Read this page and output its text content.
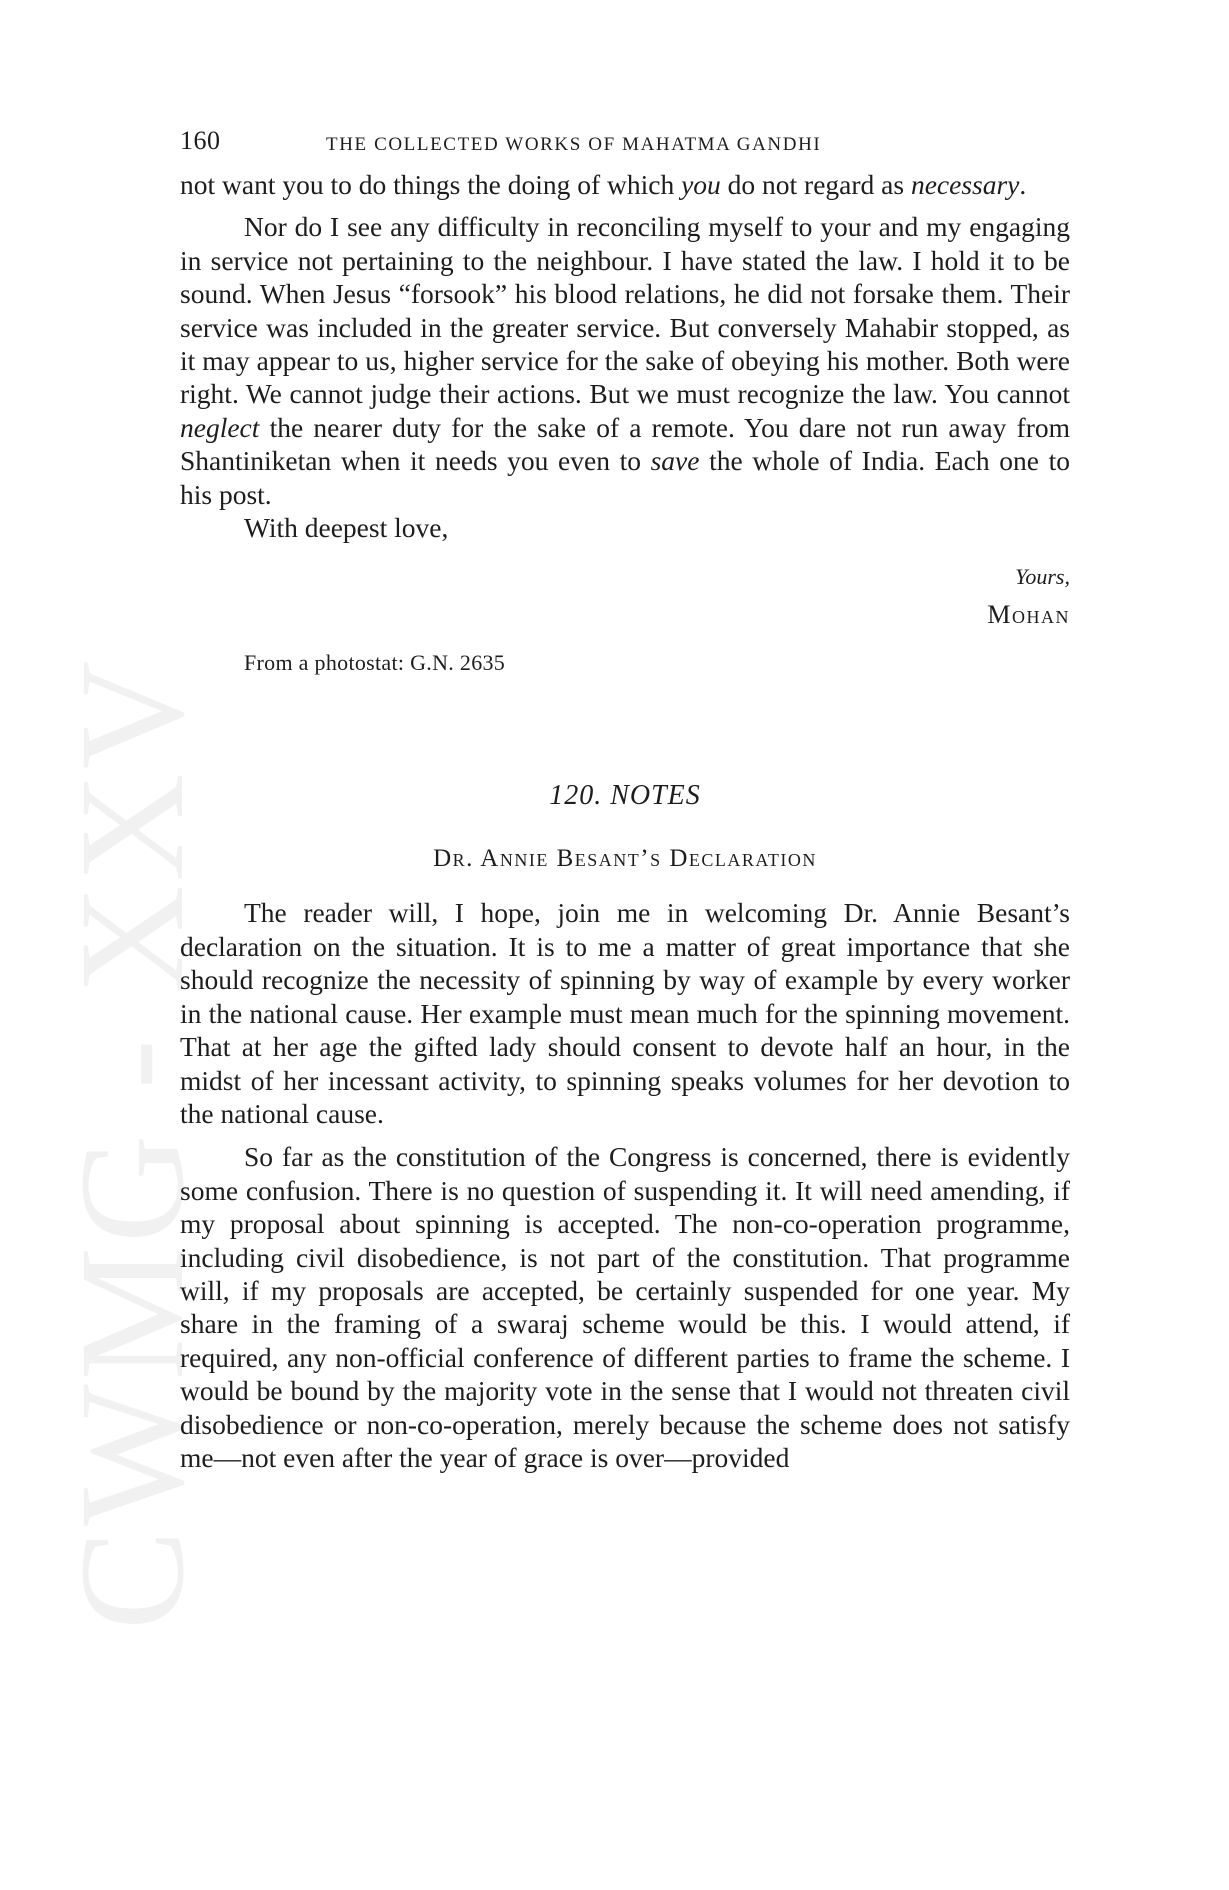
CWMG - XXV
160	THE COLLECTED WORKS OF MAHATMA GANDHI

not want you to do things the doing of which you do not regard as necessary.

Nor do I see any difficulty in reconciling myself to your and my engaging in service not pertaining to the neighbour. I have stated the law. I hold it to be sound. When Jesus “forsook” his blood relations, he did not forsake them. Their service was included in the greater service. But conversely Mahabir stopped, as it may appear to us, higher service for the sake of obeying his mother. Both were right. We cannot judge their actions. But we must recognize the law. You cannot neglect the nearer duty for the sake of a remote. You dare not run away from Shantiniketan when it needs you even to save the whole of India. Each one to his post.

With deepest love,

Yours,
Mohan
From a photostat: G.N. 2635
120. NOTES
Dr. Annie Besant’s Declaration

The reader will, I hope, join me in welcoming Dr. Annie Besant’s declaration on the situation. It is to me a matter of great importance that she should recognize the necessity of spinning by way of example by every worker in the national cause. Her example must mean much for the spinning movement. That at her age the gifted lady should consent to devote half an hour, in the midst of her incessant activity, to spinning speaks volumes for her devotion to the national cause.

So far as the constitution of the Congress is concerned, there is evidently some confusion. There is no question of suspending it. It will need amending, if my proposal about spinning is accepted. The non-co-operation programme, including civil disobedience, is not part of the constitution. That programme will, if my proposals are accepted, be certainly suspended for one year. My share in the framing of a swaraj scheme would be this. I would attend, if required, any non-official conference of different parties to frame the scheme. I would be bound by the majority vote in the sense that I would not threaten civil disobedience or non-co-operation, merely because the scheme does not satisfy me—not even after the year of grace is over—provided
